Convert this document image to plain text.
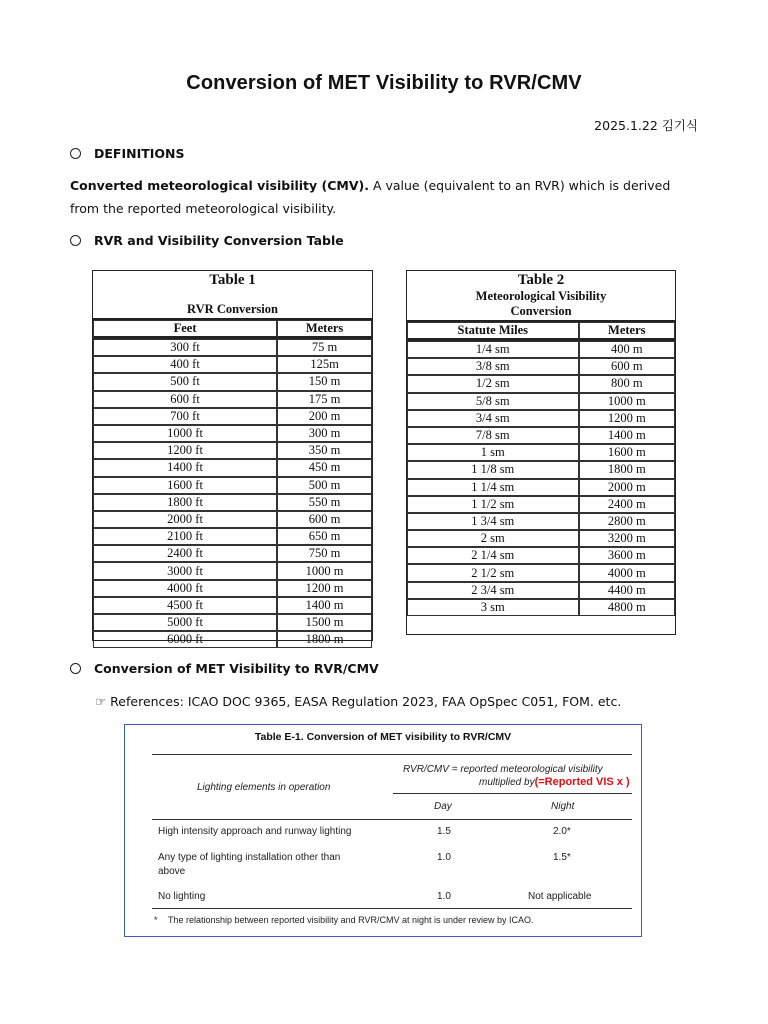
Conversion of MET Visibility to RVR/CMV
2025.1.22 김기식
DEFINITIONS
Converted meteorological visibility (CMV). A value (equivalent to an RVR) which is derived from the reported meteorological visibility.
RVR and Visibility Conversion Table
Table 1
RVR Conversion
Feet	Meters
300 ft	75 m
400 ft	125m
500 ft	150 m
600 ft	175 m
700 ft	200 m
1000 ft	300 m
1200 ft	350 m
1400 ft	450 m
1600 ft	500 m
1800 ft	550 m
2000 ft	600 m
2100 ft	650 m
2400 ft	750 m
3000 ft	1000 m
4000 ft	1200 m
4500 ft	1400 m
5000 ft	1500 m
6000 ft	1800 m
Table 2
Meteorological Visibility
Conversion
Statute Miles	Meters
1/4 sm	400 m
3/8 sm	600 m
1/2 sm	800 m
5/8 sm	1000 m
3/4 sm	1200 m
7/8 sm	1400 m
1 sm	1600 m
1 1/8 sm	1800 m
1 1/4 sm	2000 m
1 1/2 sm	2400 m
1 3/4 sm	2800 m
2 sm	3200 m
2 1/4 sm	3600 m
2 1/2 sm	4000 m
2 3/4 sm	4400 m
3 sm	4800 m
Conversion of MET Visibility to RVR/CMV
☞ References: ICAO DOC 9365, EASA Regulation 2023, FAA OpSpec C051, FOM. etc.
Table E-1. Conversion of MET visibility to RVR/CMV
Lighting elements in operation
RVR/CMV = reported meteorological visibility
multiplied by(=Reported VIS x )
Day	Night
High intensity approach and runway lighting	1.5	2.0*
Any type of lighting installation other than
above
1.0	1.5*
No lighting	1.0	Not applicable
* The relationship between reported visibility and RVR/CMV at night is under review by ICAO.
